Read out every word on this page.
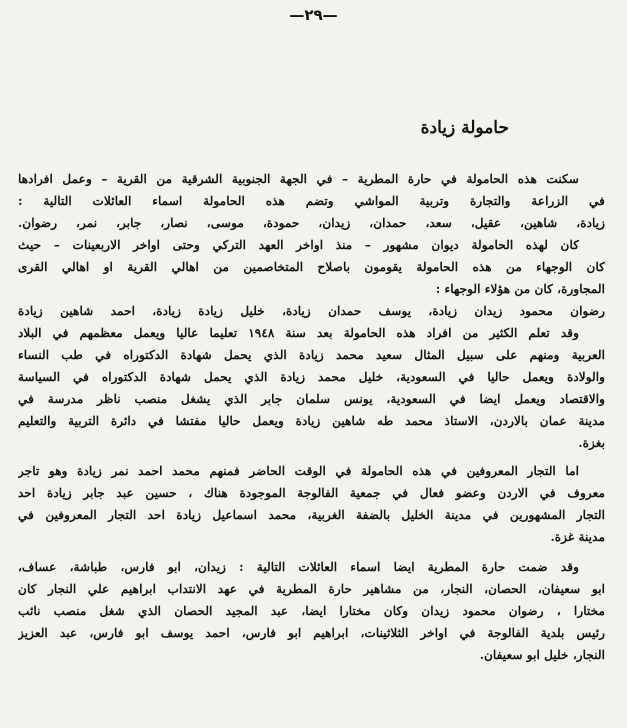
—٢٩—
حامولة زيادة
سكنت هذه الحامولة في حارة المطرية – في الجهة الجنوبية الشرقية من القرية – وعمل افرادها
في الزراعة والتجارة وتربية المواشي وتضم هذه الحامولة اسماء العائلات التالية :
زيادة، شاهين، عقيل، سعد، حمدان، زيدان، حمودة، موسى، نصار، جابر، نمر، رضوان.
كان لهذه الحامولة ديوان مشهور – منذ اواخر العهد التركي وحتى اواخر الاربعينات – حيث
كان الوجهاء من هذه الحامولة يقومون باصلاح المتخاصمين من اهالي القرية او اهالي القرى
المجاورة، كان من هؤلاء الوجهاء :
رضوان محمود زيدان زيادة، يوسف حمدان زيادة، خليل زيادة زيادة، احمد شاهين زيادة
وقد تعلم الكثير من افراد هذه الحامولة بعد سنة ١٩٤٨ تعليما عاليا ويعمل معظمهم في البلاد
العربية ومنهم على سبيل المثال سعيد محمد زيادة الذي يحمل شهادة الدكتوراه في طب النساء
والولادة ويعمل حاليا في السعودية، خليل محمد زيادة الذي يحمل شهادة الدكتوراه في السياسة
والاقتصاد ويعمل ايضا في السعودية، يونس سلمان جابر الذي يشغل منصب ناظر مدرسة في
مدينة عمان بالاردن، الاستاذ محمد طه شاهين زيادة ويعمل حاليا مفتشا في دائرة التربية والتعليم
بغزة.
اما التجار المعروفين في هذه الحامولة في الوقت الحاضر فمنهم محمد احمد نمر زيادة وهو تاجر
معروف في الاردن وعضو فعال في جمعية الفالوجة الموجودة هناك ، حسين عبد جابر زيادة احد
التجار المشهورين في مدينة الخليل بالضفة الغربية، محمد اسماعيل زيادة احد التجار المعروفين في
مدينة غزة.
وقد ضمت حارة المطرية ايضا اسماء العائلات التالية : زيدان، ابو فارس، طباشة، عساف،
ابو سعيفان، الحصان، النجار، من مشاهير حارة المطرية في عهد الانتداب ابراهيم علي النجار كان
مختارا ، رضوان محمود زيدان وكان مختارا ايضا، عبد المجيد الحصان الذي شغل منصب نائب
رئيس بلدية الفالوجة في اواخر الثلاثينات، ابراهيم ابو فارس، احمد يوسف ابو فارس، عبد العزيز
النجار، خليل ابو سعيفان.
